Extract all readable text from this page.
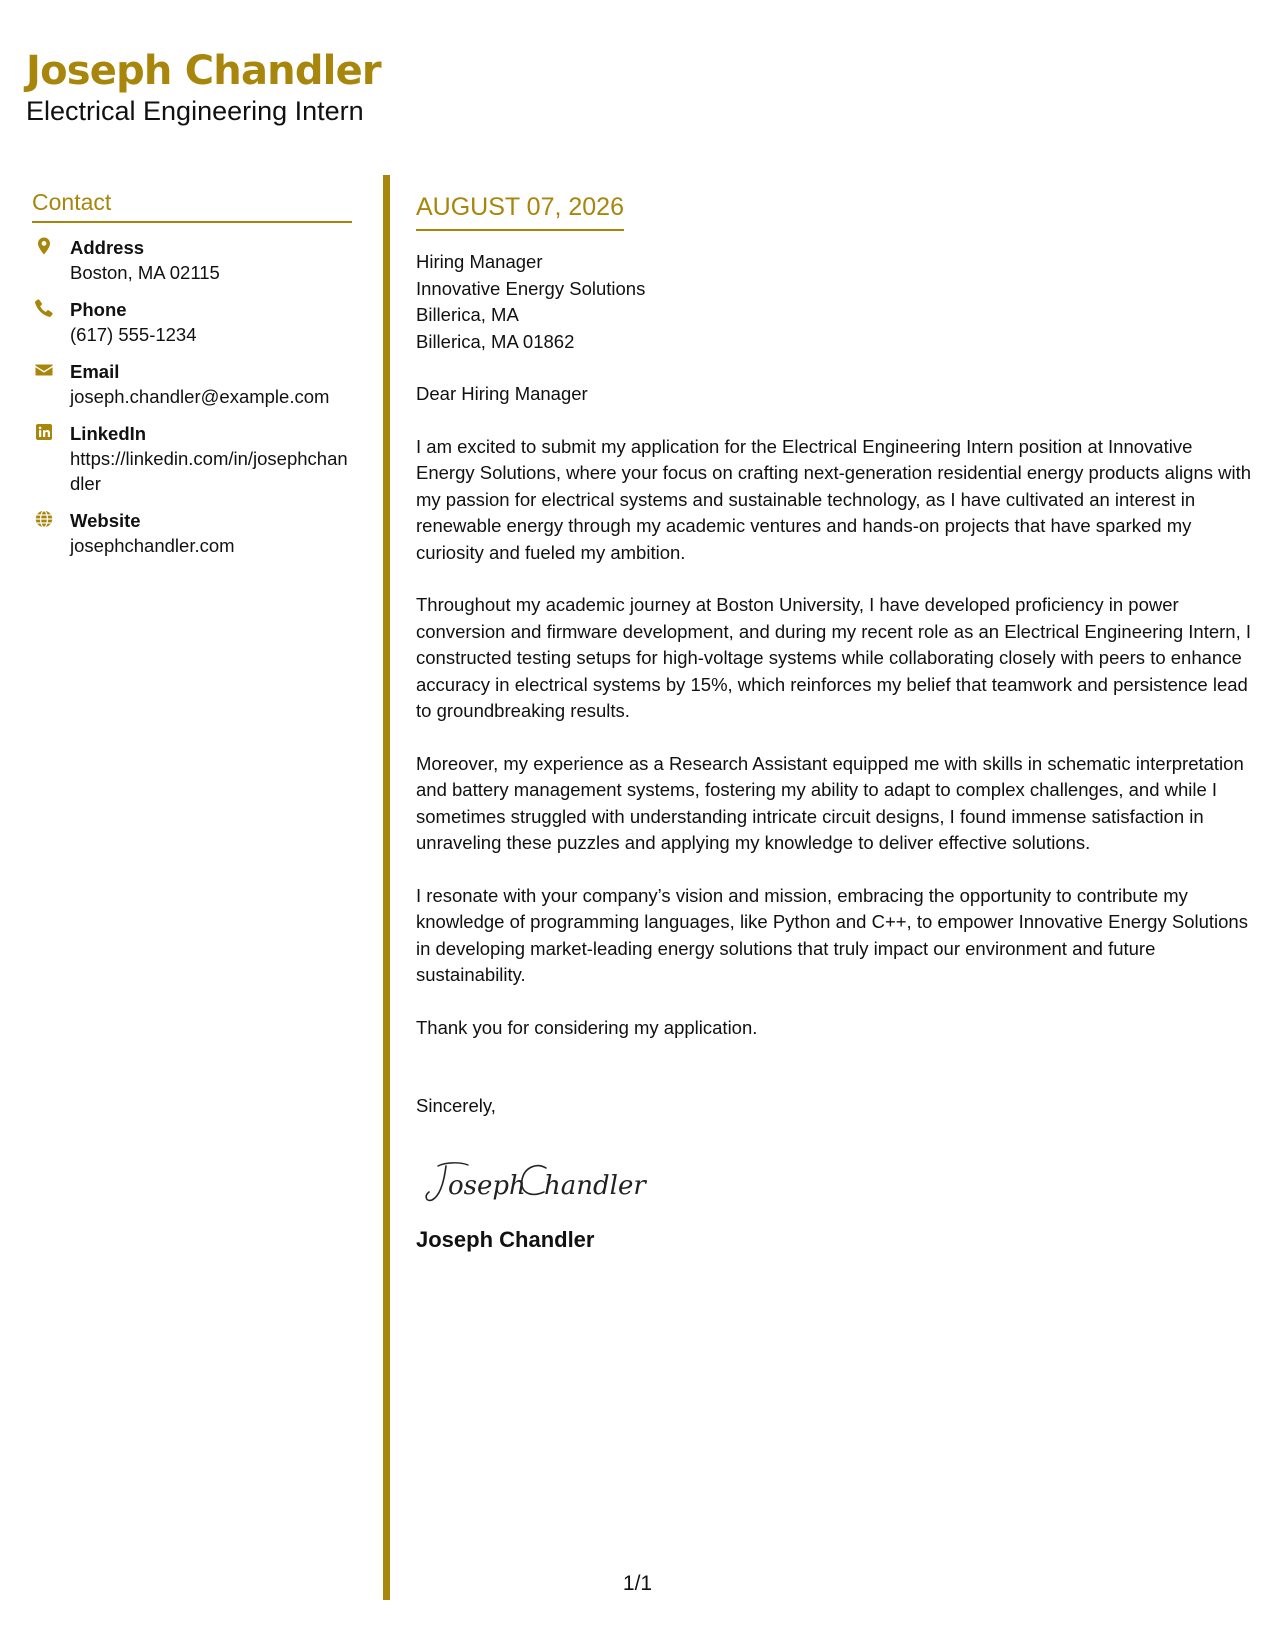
Joseph Chandler
Electrical Engineering Intern
Contact
Address
Boston, MA 02115
Phone
(617) 555-1234
Email
joseph.chandler@example.com
LinkedIn
https://linkedin.com/in/josephchandler
Website
josephchandler.com
AUGUST 07, 2026
Hiring Manager
Innovative Energy Solutions
Billerica, MA
Billerica, MA 01862
Dear Hiring Manager
I am excited to submit my application for the Electrical Engineering Intern position at Innovative Energy Solutions, where your focus on crafting next-generation residential energy products aligns with my passion for electrical systems and sustainable technology, as I have cultivated an interest in renewable energy through my academic ventures and hands-on projects that have sparked my curiosity and fueled my ambition.
Throughout my academic journey at Boston University, I have developed proficiency in power conversion and firmware development, and during my recent role as an Electrical Engineering Intern, I constructed testing setups for high-voltage systems while collaborating closely with peers to enhance accuracy in electrical systems by 15%, which reinforces my belief that teamwork and persistence lead to groundbreaking results.
Moreover, my experience as a Research Assistant equipped me with skills in schematic interpretation and battery management systems, fostering my ability to adapt to complex challenges, and while I sometimes struggled with understanding intricate circuit designs, I found immense satisfaction in unraveling these puzzles and applying my knowledge to deliver effective solutions.
I resonate with your company’s vision and mission, embracing the opportunity to contribute my knowledge of programming languages, like Python and C++, to empower Innovative Energy Solutions in developing market-leading energy solutions that truly impact our environment and future sustainability.
Thank you for considering my application.
Sincerely,
oseph handler
Joseph Chandler
1/1
